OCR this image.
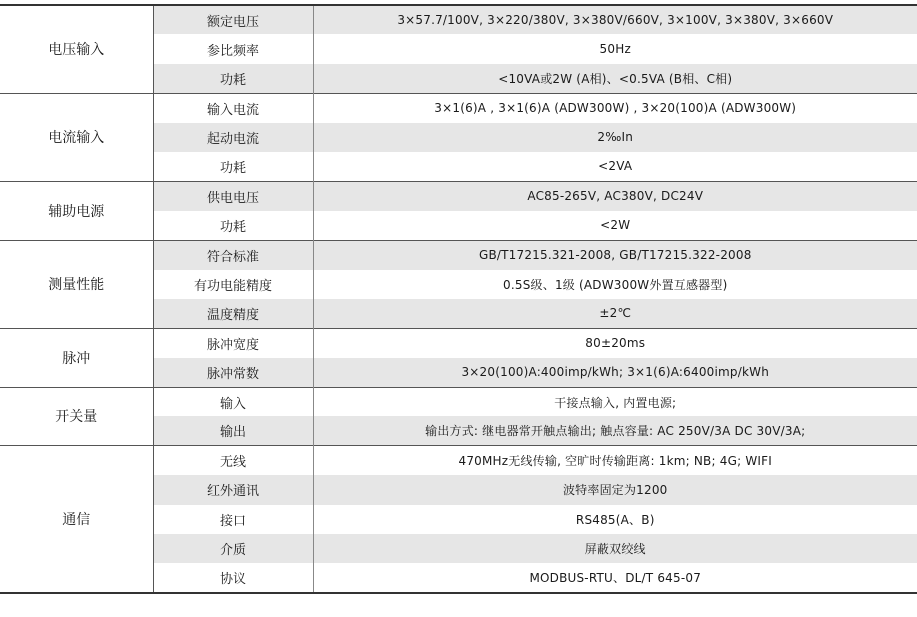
电压输入	额定电压	3×57.7/100V, 3×220/380V, 3×380V/660V, 3×100V, 3×380V, 3×660V
	参比频率	50Hz
	功耗	<10VA或2W (A相)、<0.5VA (B相、C相)
电流输入	输入电流	3×1(6)A , 3×1(6)A (ADW300W) , 3×20(100)A (ADW300W)
	起动电流	2‰In
	功耗	<2VA
辅助电源	供电电压	AC85-265V, AC380V, DC24V
	功耗	<2W
测量性能	符合标准	GB/T17215.321-2008, GB/T17215.322-2008
	有功电能精度	0.5S级、1级 (ADW300W外置互感器型)
	温度精度	±2℃
脉冲	脉冲宽度	80±20ms
	脉冲常数	3×20(100)A:400imp/kWh; 3×1(6)A:6400imp/kWh
开关量	输入	干接点输入, 内置电源;
	输出	输出方式: 继电器常开触点输出; 触点容量: AC 250V/3A DC 30V/3A;
通信	无线	470MHz无线传输, 空旷时传输距离: 1km; NB; 4G; WIFI
	红外通讯	波特率固定为1200
	接口	RS485(A、B)
	介质	屏蔽双绞线
	协议	MODBUS-RTU、DL/T 645-07
